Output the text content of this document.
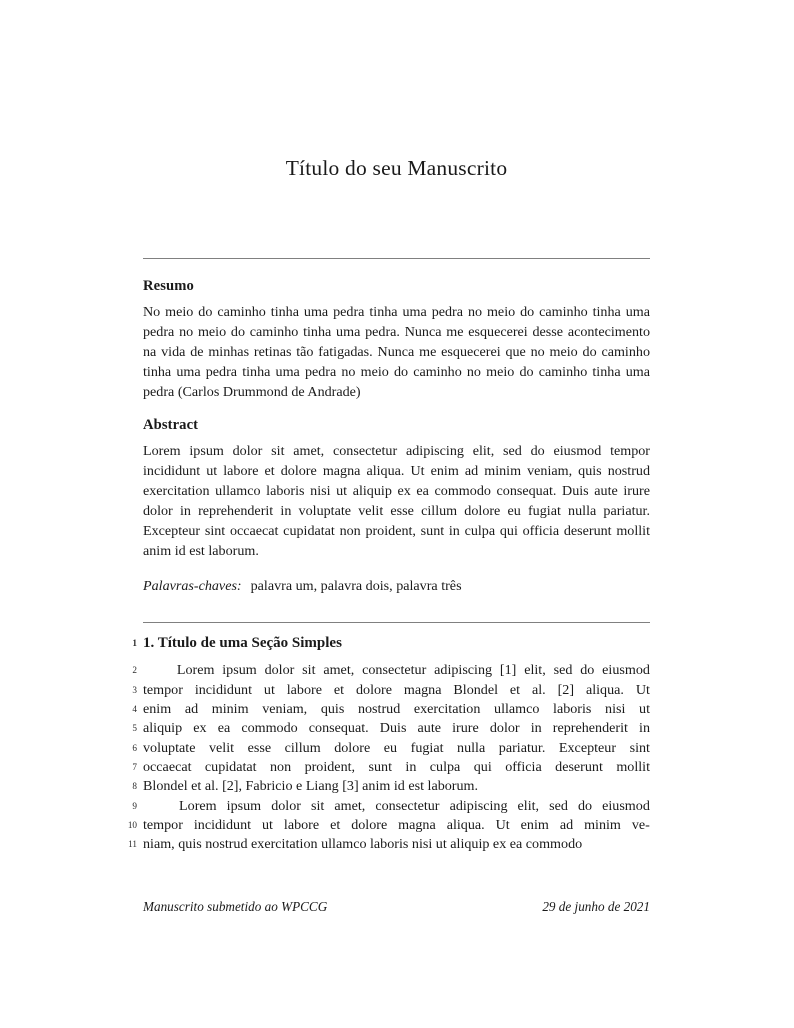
Título do seu Manuscrito
Resumo

No meio do caminho tinha uma pedra tinha uma pedra no meio do caminho tinha uma pedra no meio do caminho tinha uma pedra. Nunca me esquecerei desse acontecimento na vida de minhas retinas tão fatigadas. Nunca me esquecerei que no meio do caminho tinha uma pedra tinha uma pedra no meio do caminho no meio do caminho tinha uma pedra (Carlos Drummond de Andrade)

Abstract

Lorem ipsum dolor sit amet, consectetur adipiscing elit, sed do eiusmod tempor incididunt ut labore et dolore magna aliqua. Ut enim ad minim veniam, quis nostrud exercitation ullamco laboris nisi ut aliquip ex ea commodo consequat. Duis aute irure dolor in reprehenderit in voluptate velit esse cillum dolore eu fugiat nulla pariatur. Excepteur sint occaecat cupidatat non proident, sunt in culpa qui officia deserunt mollit anim id est laborum.

Palavras-chaves: palavra um, palavra dois, palavra três

1 1. Título de uma Seção Simples
2	Lorem ipsum dolor sit amet, consectetur adipiscing [1] elit, sed do eiusmod
3 tempor incididunt ut labore et dolore magna Blondel et al. [2] aliqua. Ut
4 enim ad minim veniam, quis nostrud exercitation ullamco laboris nisi ut
5 aliquip ex ea commodo consequat. Duis aute irure dolor in reprehenderit in
6 voluptate velit esse cillum dolore eu fugiat nulla pariatur. Excepteur sint
7 occaecat cupidatat non proident, sunt in culpa qui officia deserunt mollit
8 Blondel et al. [2], Fabricio e Liang [3] anim id est laborum.
9	Lorem ipsum dolor sit amet, consectetur adipiscing elit, sed do eiusmod
10 tempor incididunt ut labore et dolore magna aliqua. Ut enim ad minim ve-
11 niam, quis nostrud exercitation ullamco laboris nisi ut aliquip ex ea commodo
Manuscrito submetido ao WPCCG	29 de junho de 2021
